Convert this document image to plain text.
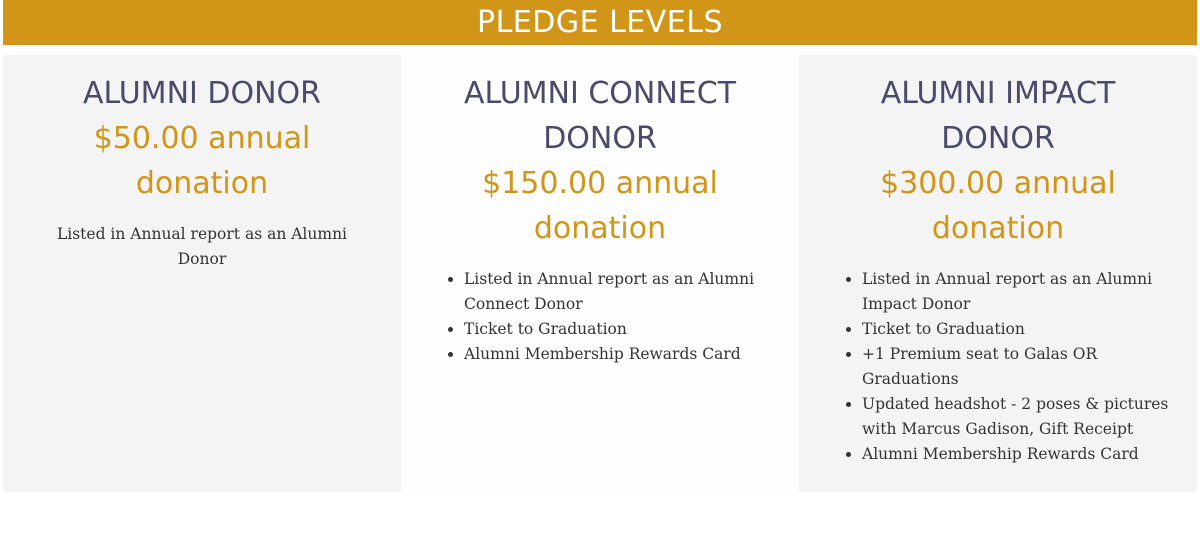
PLEDGE LEVELS
ALUMNI DONOR

$50.00 annual donation

Listed in Annual report as an Alumni Donor

ALUMNI CONNECT DONOR

$150.00 annual donation

• Listed in Annual report as an Alumni Connect Donor
• Ticket to Graduation
• Alumni Membership Rewards Card
ALUMNI IMPACT DONOR

$300.00 annual donation

• Listed in Annual report as an Alumni Impact Donor
• Ticket to Graduation
• +1 Premium seat to Galas OR Graduations
• Updated headshot - 2 poses & pictures with Marcus Gadison, Gift Receipt
• Alumni Membership Rewards Card
